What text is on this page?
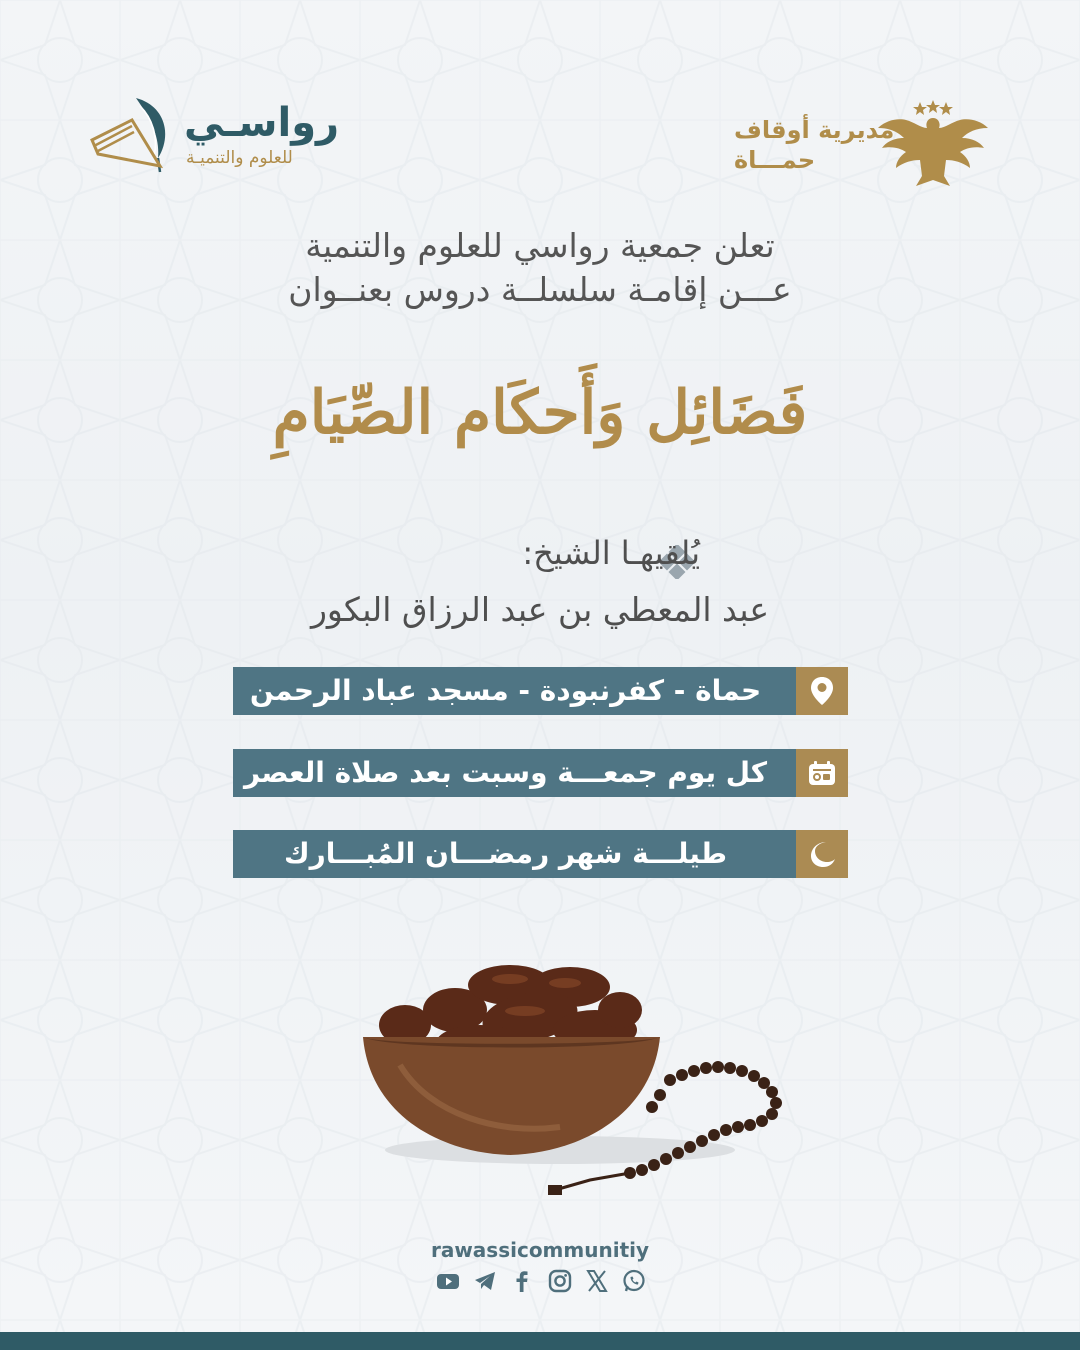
رواسـي
للعلوم والتنميـة
مديرية أوقاف
حمـــاة
تعلن جمعية رواسي للعلوم والتنمية
عـــن إقامـة سلسلــة دروس بعنــوان
فَضَائِل وَأَحكَام الصِّيَامِ
يُلقيهـا الشيخ:
عبد المعطي بن عبد الرزاق البكور
حماة - كفرنبودة - مسجد عباد الرحمن
كل يوم جمعـــة وسبت بعد صلاة العصر
طيلـــة شهر رمضـــان المُبـــارك
rawassicommunitiy
